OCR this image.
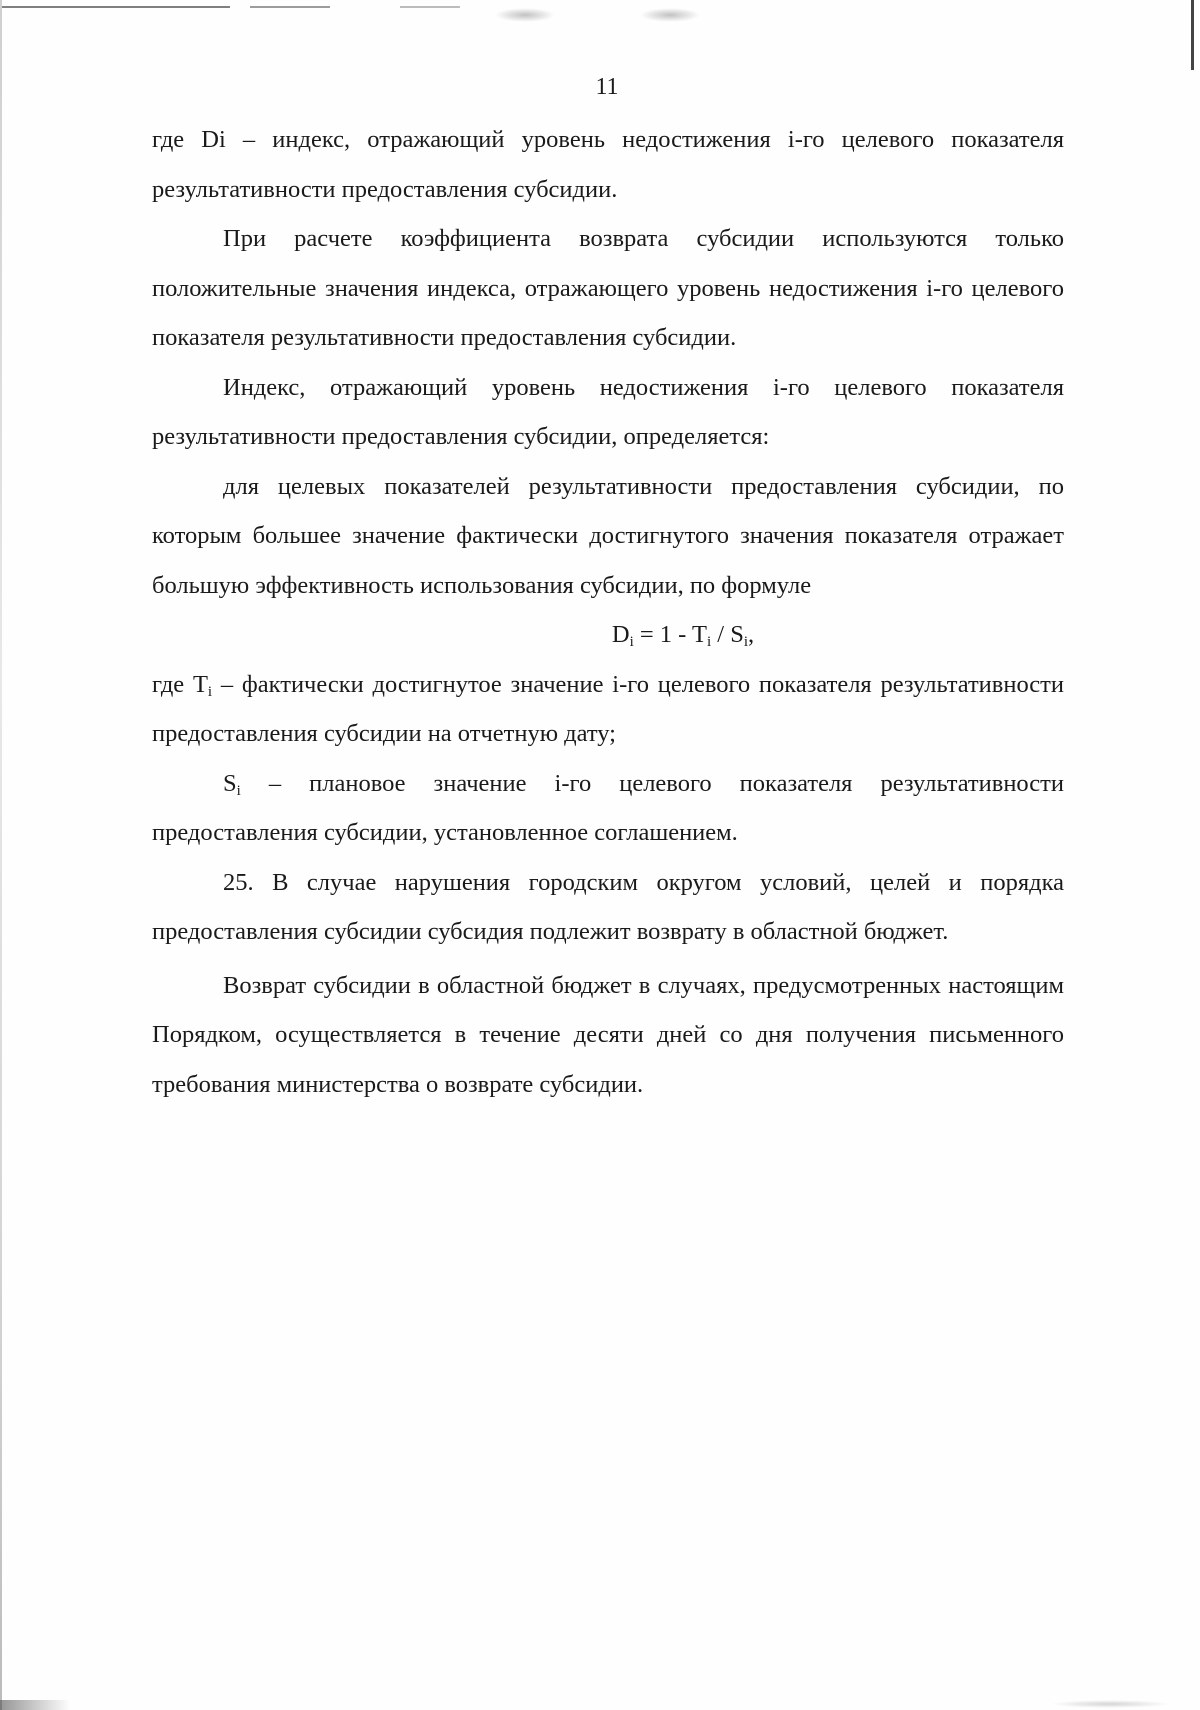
11

где Di – индекс, отражающий уровень недостижения i-го целевого показателя результативности предоставления субсидии.

При расчете коэффициента возврата субсидии используются только положительные значения индекса, отражающего уровень недостижения i-го целевого показателя результативности предоставления субсидии.

Индекс, отражающий уровень недостижения i-го целевого показателя результативности предоставления субсидии, определяется:

для целевых показателей результативности предоставления субсидии, по которым большее значение фактически достигнутого значения показателя отражает большую эффективность использования субсидии, по формуле

$D_i = 1 - T_i / S_i$,

где $T_i$ – фактически достигнутое значение i-го целевого показателя результативности предоставления субсидии на отчетную дату;

$S_i$ – плановое значение i-го целевого показателя результативности предоставления субсидии, установленное соглашением.

25. В случае нарушения городским округом условий, целей и порядка предоставления субсидии субсидия подлежит возврату в областной бюджет.

Возврат субсидии в областной бюджет в случаях, предусмотренных настоящим Порядком, осуществляется в течение десяти дней со дня получения письменного требования министерства о возврате субсидии.
